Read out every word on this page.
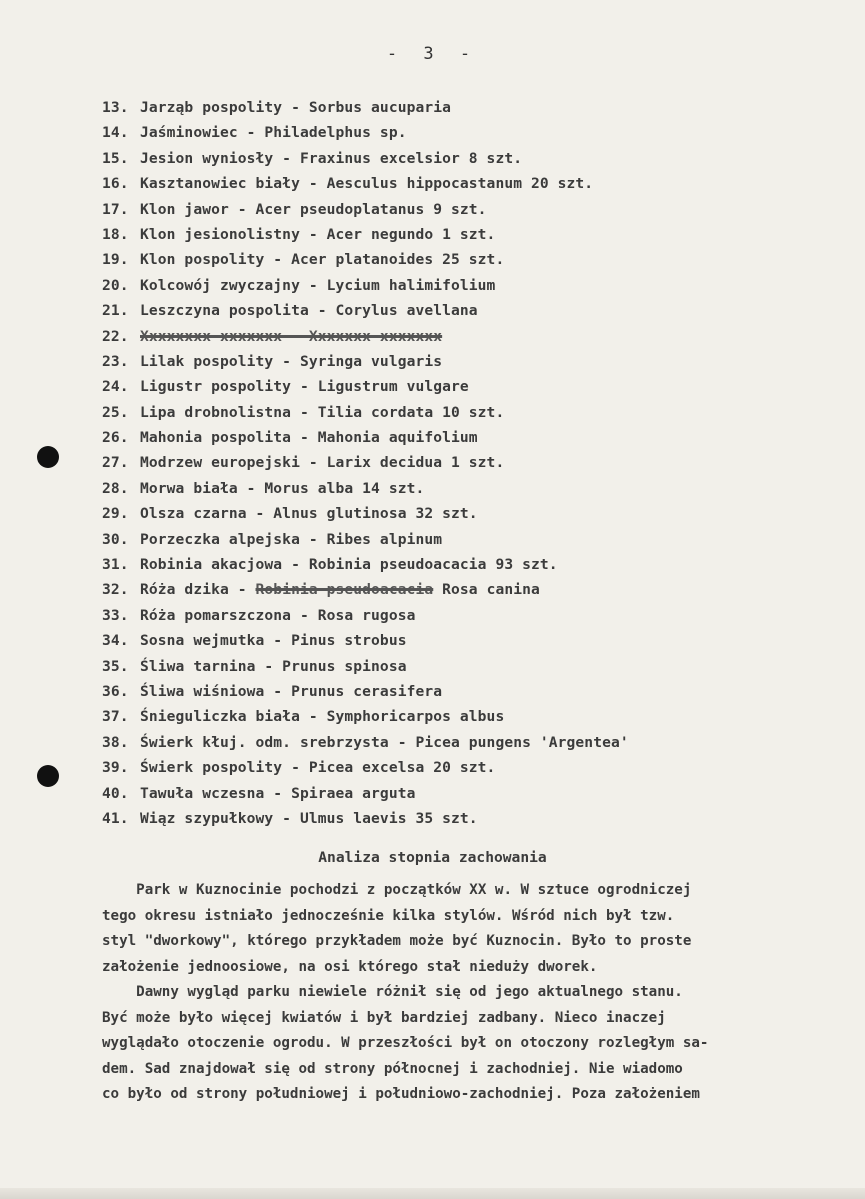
- 3 -
13. Jarząb pospolity - Sorbus aucuparia
14. Jaśminowiec - Philadelphus sp.
15. Jesion wyniosły - Fraxinus excelsior 8 szt.
16. Kasztanowiec biały - Aesculus hippocastanum 20 szt.
17. Klon jawor - Acer pseudoplatanus 9 szt.
18. Klon jesionolistny - Acer negundo 1 szt.
19. Klon pospolity - Acer platanoides 25 szt.
20. Kolcowój zwyczajny - Lycium halimifolium
21. Leszczyna pospolita - Corylus avellana
22. Xxxxxxxx xxxxxxx - Xxxxxxx xxxxxxx
23. Lilak pospolity - Syringa vulgaris
24. Ligustr pospolity - Ligustrum vulgare
25. Lipa drobnolistna - Tilia cordata 10 szt.
26. Mahonia pospolita - Mahonia aquifolium
27. Modrzew europejski - Larix decidua 1 szt.
28. Morwa biała - Morus alba 14 szt.
29. Olsza czarna - Alnus glutinosa 32 szt.
30. Porzeczka alpejska - Ribes alpinum
31. Robinia akacjowa - Robinia pseudoacacia 93 szt.
32. Róża dzika - Robinia pseudoacacia Rosa canina
33. Róża pomarszczona - Rosa rugosa
34. Sosna wejmutka - Pinus strobus
35. Śliwa tarnina - Prunus spinosa
36. Śliwa wiśniowa - Prunus cerasifera
37. Śnieguliczka biała - Symphoricarpos albus
38. Świerk kłuj. odm. srebrzysta - Picea pungens 'Argentea'
39. Świerk pospolity - Picea excelsa 20 szt.
40. Tawuła wczesna - Spiraea arguta
41. Wiąz szypułkowy - Ulmus laevis 35 szt.
Analiza stopnia zachowania

Park w Kuznocinie pochodzi z początków XX w. W sztuce ogrodniczej
tego okresu istniało jednocześnie kilka stylów. Wśród nich był tzw.
styl "dworkowy", którego przykładem może być Kuznocin. Było to proste
założenie jednoosiowe, na osi którego stał nieduży dworek.

Dawny wygląd parku niewiele różnił się od jego aktualnego stanu.
Być może było więcej kwiatów i był bardziej zadbany. Nieco inaczej
wyglądało otoczenie ogrodu. W przeszłości był on otoczony rozległym sa-
dem. Sad znajdował się od strony północnej i zachodniej. Nie wiadomo
co było od strony południowej i południowo-zachodniej. Poza założeniem
